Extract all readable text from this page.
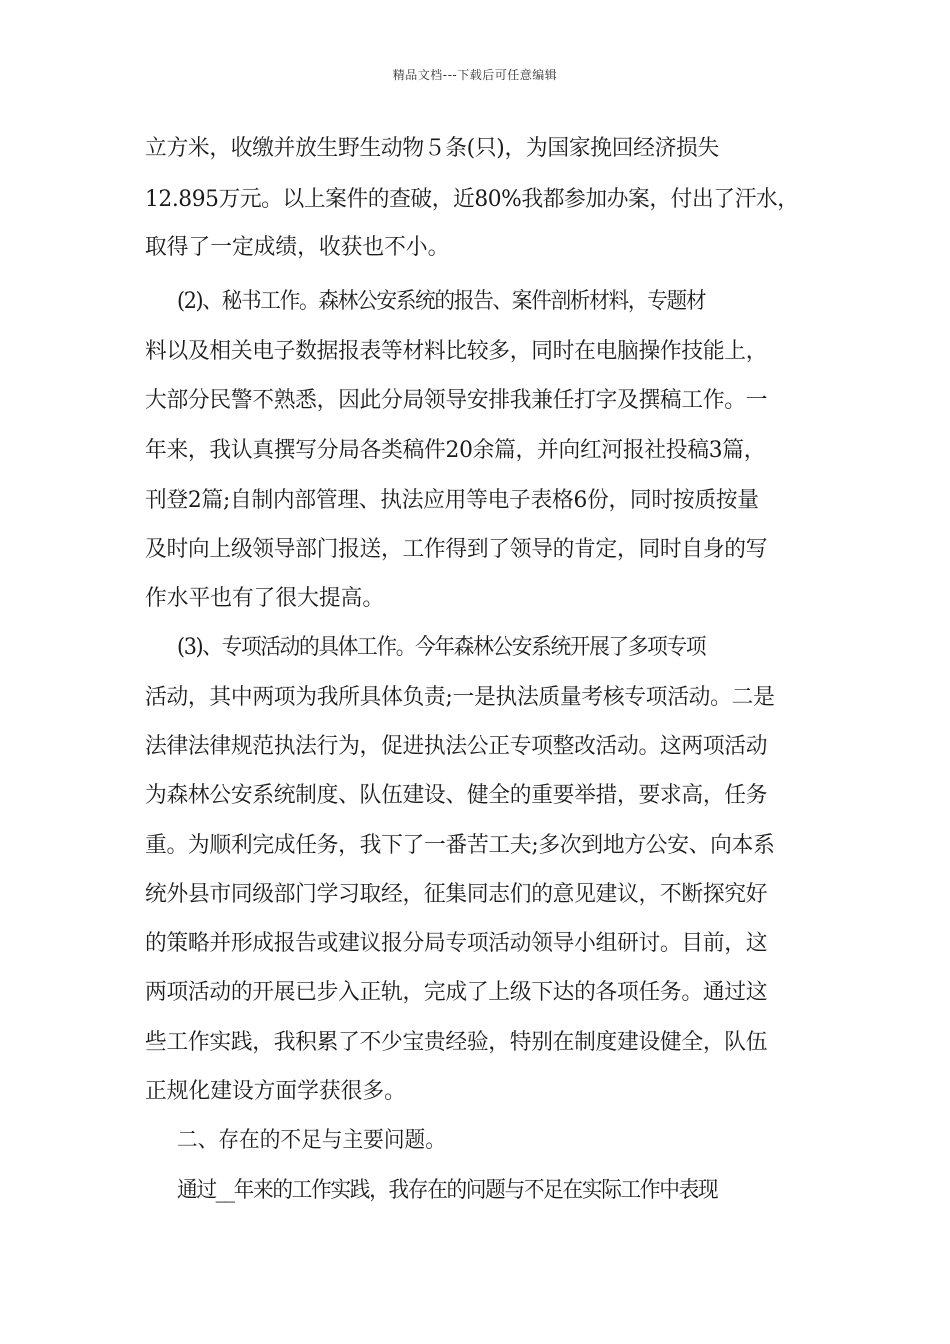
精品文档---下载后可任意编辑
立方米，收缴并放生野生动物５条(只)，为国家挽回经济损失
12.895万元。以上案件的查破，近80%我都参加办案，付出了汗水，
取得了一定成绩，收获也不小。
(2)、秘书工作。森林公安系统的报告、案件剖析材料，专题材
料以及相关电子数据报表等材料比较多，同时在电脑操作技能上，
大部分民警不熟悉，因此分局领导安排我兼任打字及撰稿工作。一
年来，我认真撰写分局各类稿件20余篇，并向红河报社投稿3篇，
刊登2篇;自制内部管理、执法应用等电子表格6份，同时按质按量
及时向上级领导部门报送，工作得到了领导的肯定，同时自身的写
作水平也有了很大提高。
(3)、专项活动的具体工作。今年森林公安系统开展了多项专项
活动，其中两项为我所具体负责;一是执法质量考核专项活动。二是
法律法律规范执法行为，促进执法公正专项整改活动。这两项活动
为森林公安系统制度、队伍建设、健全的重要举措，要求高，任务
重。为顺利完成任务，我下了一番苦工夫;多次到地方公安、向本系
统外县市同级部门学习取经，征集同志们的意见建议，不断探究好
的策略并形成报告或建议报分局专项活动领导小组研讨。目前，这
两项活动的开展已步入正轨，完成了上级下达的各项任务。通过这
些工作实践，我积累了不少宝贵经验，特别在制度建设健全，队伍
正规化建设方面学获很多。
二、存在的不足与主要问题。
通过__年来的工作实践，我存在的问题与不足在实际工作中表现
